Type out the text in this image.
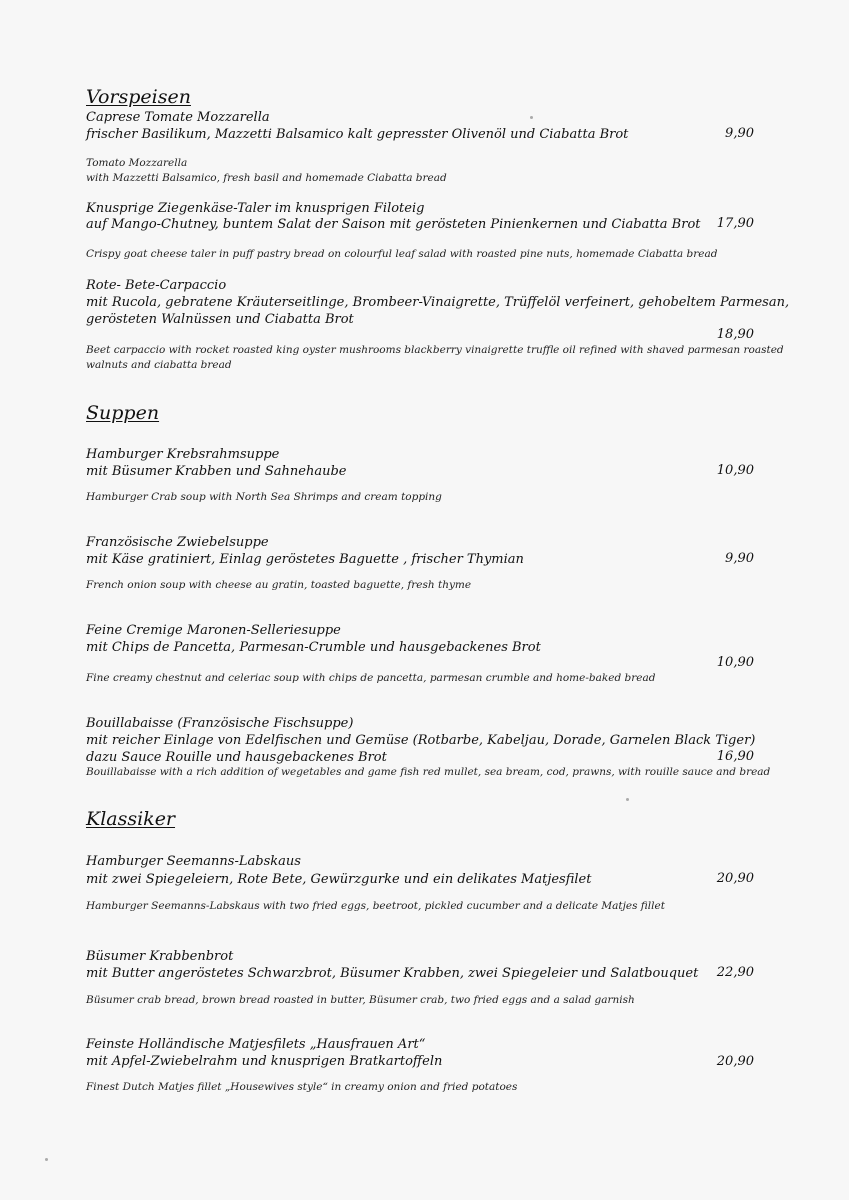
Vorspeisen
Caprese Tomate Mozzarella
frischer Basilikum, Mazzetti Balsamico kalt gepresster Olivenöl und Ciabatta Brot	9,90
Tomato Mozzarella
with Mazzetti Balsamico, fresh basil and homemade Ciabatta bread
Knusprige Ziegenkäse-Taler im knusprigen Filoteig
auf Mango-Chutney, buntem Salat der Saison mit gerösteten Pinienkernen und Ciabatta Brot 17,90
Crispy goat cheese taler in puff pastry bread on colourful leaf salad with roasted pine nuts, homemade Ciabatta bread
Rote- Bete-Carpaccio
mit Rucola, gebratene Kräuterseitlinge, Brombeer-Vinaigrette, Trüffelöl verfeinert, gehobeltem Parmesan,
gerösteten Walnüssen und Ciabatta Brot
18,90
Beet carpaccio with rocket roasted king oyster mushrooms blackberry vinaigrette truffle oil refined with shaved parmesan roasted
walnuts and ciabatta bread
Suppen
Hamburger Krebsrahmsuppe
mit Büsumer Krabben und Sahnehaube	10,90
Hamburger Crab soup with North Sea Shrimps and cream topping
Französische Zwiebelsuppe
mit Käse gratiniert, Einlag geröstetes Baguette , frischer Thymian	9,90
French onion soup with cheese au gratin, toasted baguette, fresh thyme
Feine Cremige Maronen-Selleriesuppe
mit Chips de Pancetta, Parmesan-Crumble und hausgebackenes Brot
10,90
Fine creamy chestnut and celeriac soup with chips de pancetta, parmesan crumble and home-baked bread
Bouillabaisse (Französische Fischsuppe)
mit reicher Einlage von Edelfischen und Gemüse (Rotbarbe, Kabeljau, Dorade, Garnelen Black Tiger)
dazu Sauce Rouille und hausgebackenes Brot	16,90
Bouillabaisse with a rich addition of wegetables and game fish red mullet, sea bream, cod, prawns, with rouille sauce and bread
Klassiker
Hamburger Seemanns-Labskaus
mit zwei Spiegeleiern, Rote Bete, Gewürzgurke und ein delikates Matjesfilet	20,90
Hamburger Seemanns-Labskaus with two fried eggs, beetroot, pickled cucumber and a delicate Matjes fillet
Büsumer Krabbenbrot
mit Butter angeröstetes Schwarzbrot, Büsumer Krabben, zwei Spiegeleier und Salatbouquet 22,90
Büsumer crab bread, brown bread roasted in butter, Büsumer crab, two fried eggs and a salad garnish
Feinste Holländische Matjesfilets „Hausfrauen Art“
mit Apfel-Zwiebelrahm und knusprigen Bratkartoffeln	20,90
Finest Dutch Matjes fillet „Housewives style“ in creamy onion and fried potatoes
